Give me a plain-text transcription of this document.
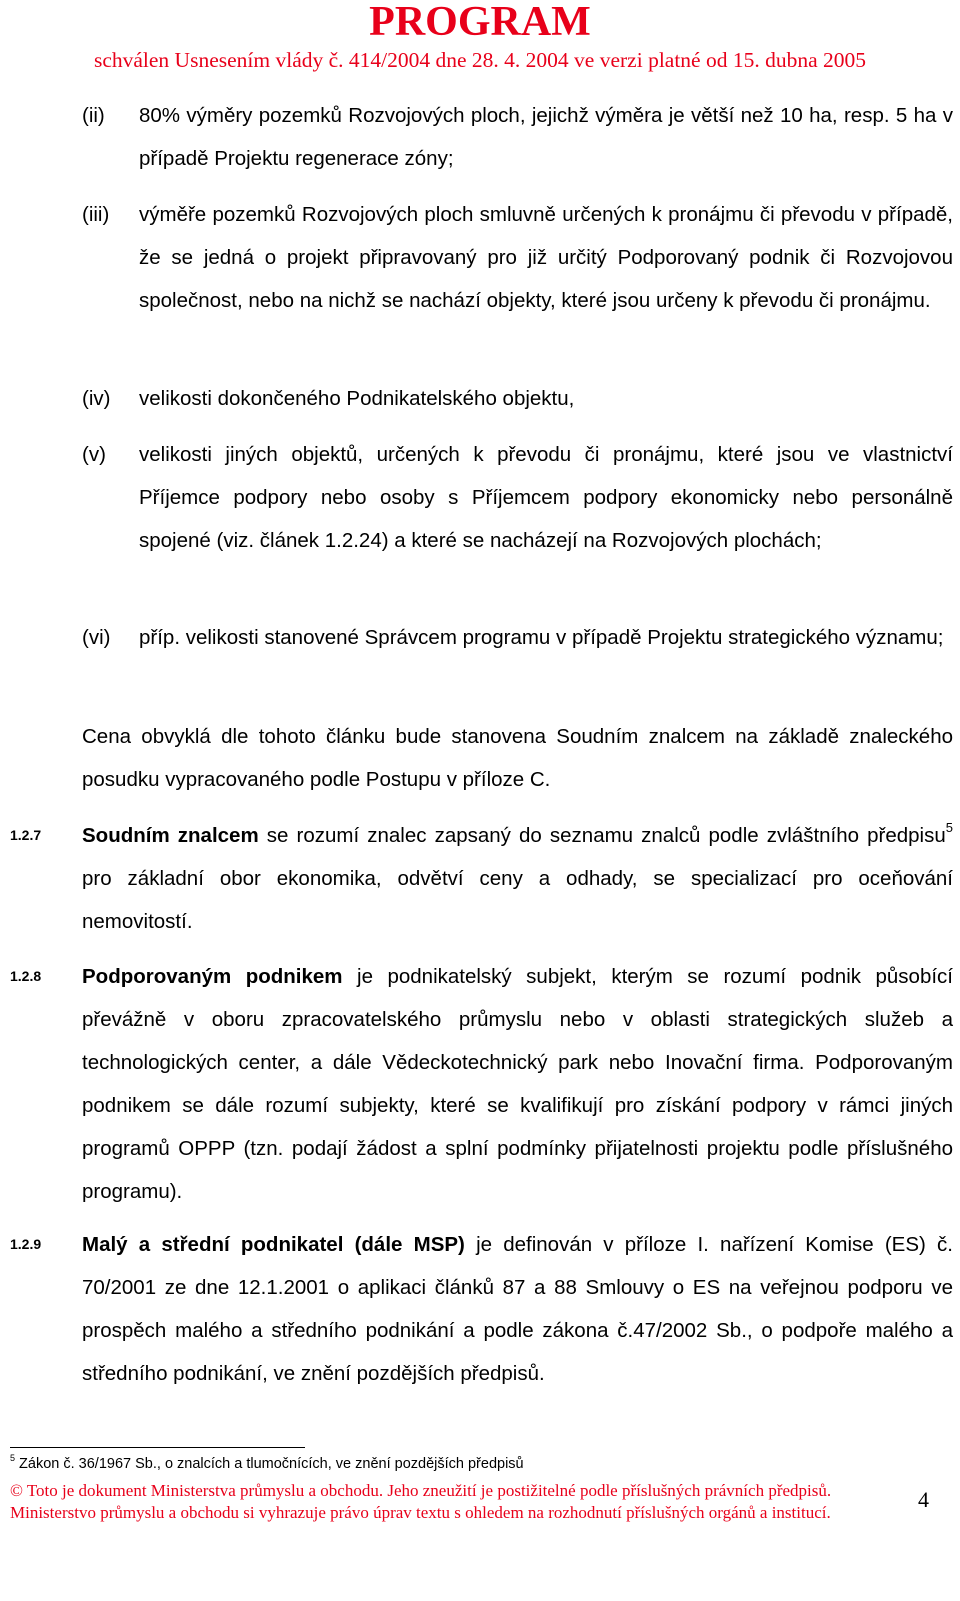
PROGRAM
schválen Usnesením vlády č. 414/2004 dne 28. 4. 2004 ve verzi platné od 15. dubna 2005
(ii) 80% výměry pozemků Rozvojových ploch, jejichž výměra je větší než 10 ha, resp. 5 ha v případě Projektu regenerace zóny;
(iii) výměře pozemků Rozvojových ploch smluvně určených k pronájmu či převodu v případě, že se jedná o projekt připravovaný pro již určitý Podporovaný podnik či Rozvojovou společnost, nebo na nichž se nachází objekty, které jsou určeny k převodu či pronájmu.
(iv) velikosti dokončeného Podnikatelského objektu,
(v) velikosti jiných objektů, určených k převodu či pronájmu, které jsou ve vlastnictví Příjemce podpory nebo osoby s Příjemcem podpory ekonomicky nebo personálně spojené (viz. článek 1.2.24) a které se nacházejí na Rozvojových plochách;
(vi) příp. velikosti stanovené Správcem programu v případě Projektu strategického významu;
Cena obvyklá dle tohoto článku bude stanovena Soudním znalcem na základě znaleckého posudku vypracovaného podle Postupu v příloze C.
1.2.7 Soudním znalcem se rozumí znalec zapsaný do seznamu znalců podle zvláštního předpisu$^5$ pro základní obor ekonomika, odvětví ceny a odhady, se specializací pro oceňování nemovitostí.
1.2.8 Podporovaným podnikem je podnikatelský subjekt, kterým se rozumí podnik působící převážně v oboru zpracovatelského průmyslu nebo v oblasti strategických služeb a technologických center, a dále Vědeckotechnický park nebo Inovační firma. Podporovaným podnikem se dále rozumí subjekty, které se kvalifikují pro získání podpory v rámci jiných programů OPPP (tzn. podají žádost a splní podmínky přijatelnosti projektu podle příslušného programu).
1.2.9 Malý a střední podnikatel (dále MSP) je definován v příloze I. nařízení Komise (ES) č. 70/2001 ze dne 12.1.2001 o aplikaci článků 87 a 88 Smlouvy o ES na veřejnou podporu ve prospěch malého a středního podnikání a podle zákona č.47/2002 Sb., o podpoře malého a středního podnikání, ve znění pozdějších předpisů.
$^5$ Zákon č. 36/1967 Sb., o znalcích a tlumočnících, ve znění pozdějších předpisů
© Toto je dokument Ministerstva průmyslu a obchodu. Jeho zneužití je postižitelné podle příslušných právních předpisů.
Ministerstvo průmyslu a obchodu si vyhrazuje právo úprav textu s ohledem na rozhodnutí příslušných orgánů a institucí.
4
